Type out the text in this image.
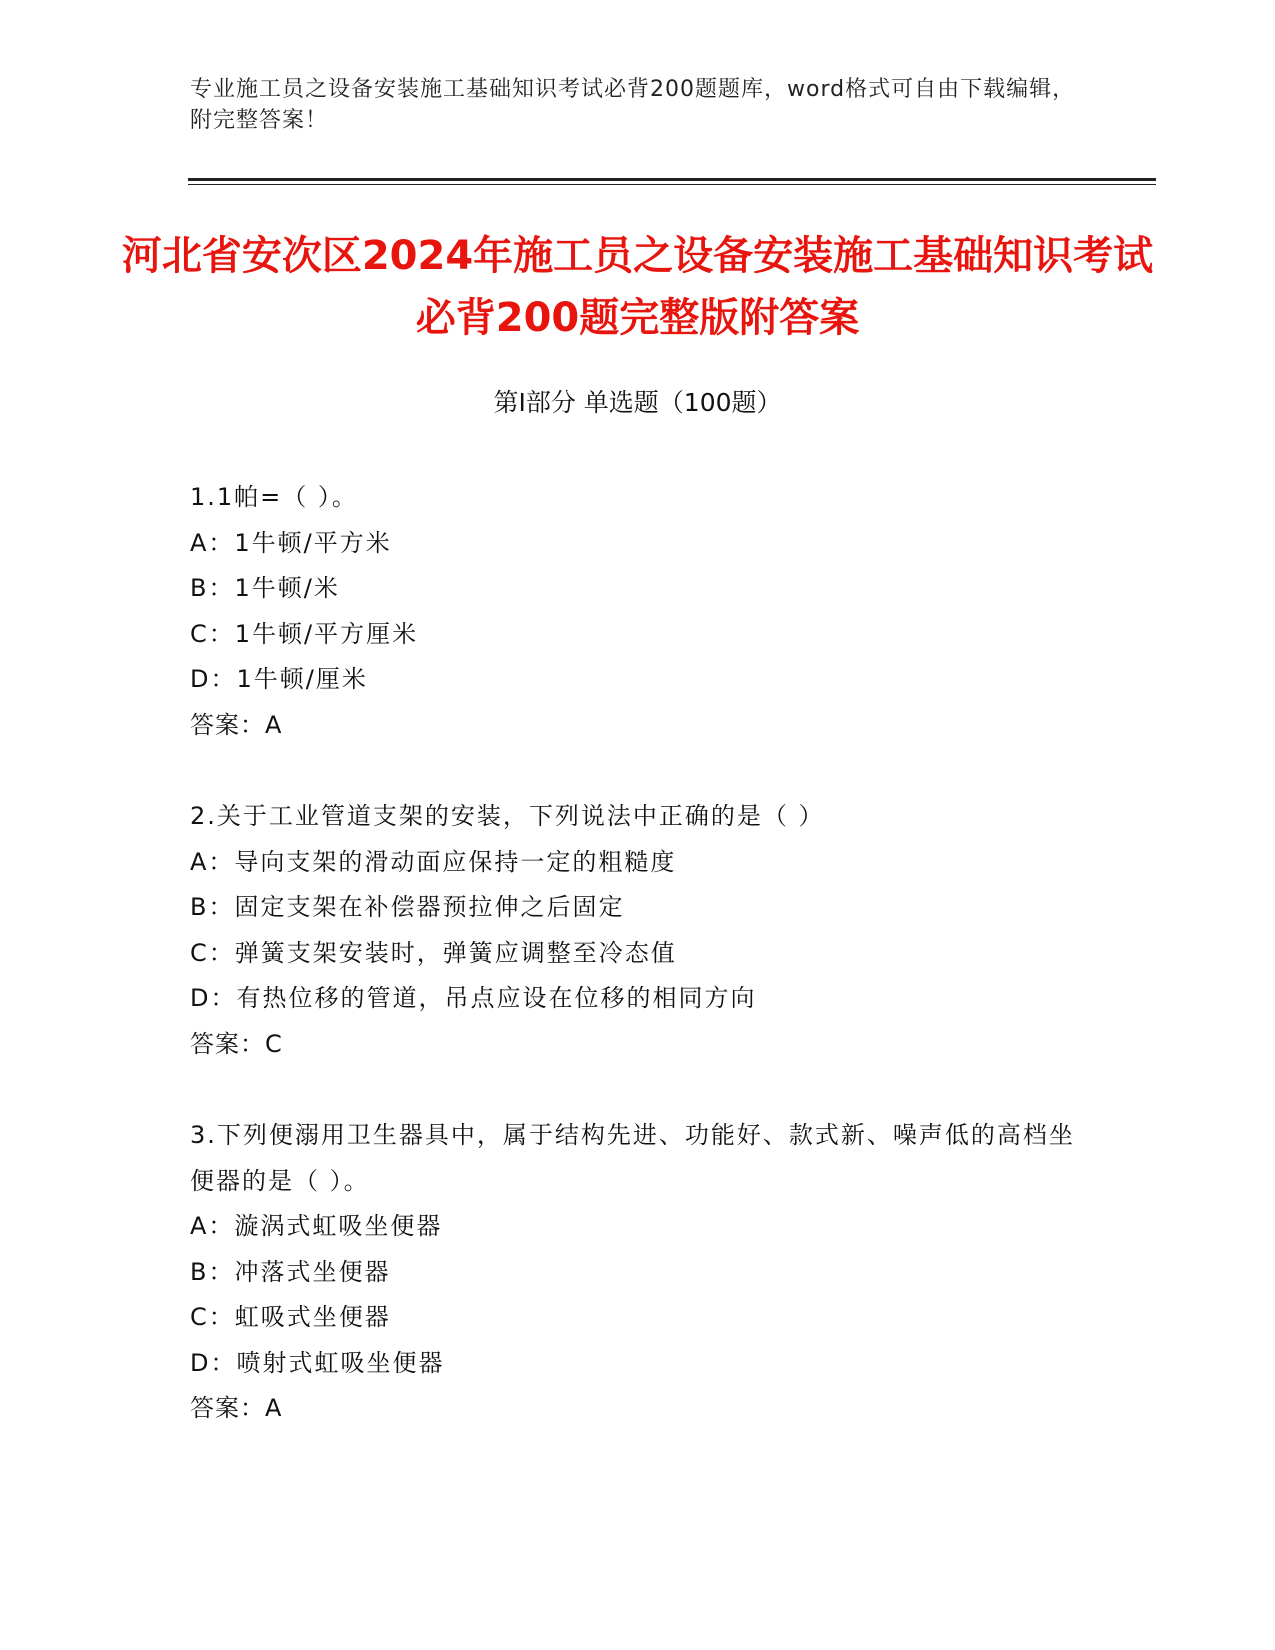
专业施工员之设备安装施工基础知识考试必背200题题库，word格式可自由下载编辑，附完整答案！
河北省安次区2024年施工员之设备安装施工基础知识考试必背200题完整版附答案
第Ⅰ部分 单选题（100题）
1.1帕=（ ）。
A：1牛顿/平方米
B：1牛顿/米
C：1牛顿/平方厘米
D：1牛顿/厘米
答案：A
2.关于工业管道支架的安装，下列说法中正确的是（ ）
A：导向支架的滑动面应保持一定的粗糙度
B：固定支架在补偿器预拉伸之后固定
C：弹簧支架安装时，弹簧应调整至冷态值
D：有热位移的管道，吊点应设在位移的相同方向
答案：C
3.下列便溺用卫生器具中，属于结构先进、功能好、款式新、噪声低的高档坐便器的是（ ）。
A：漩涡式虹吸坐便器
B：冲落式坐便器
C：虹吸式坐便器
D：喷射式虹吸坐便器
答案：A
